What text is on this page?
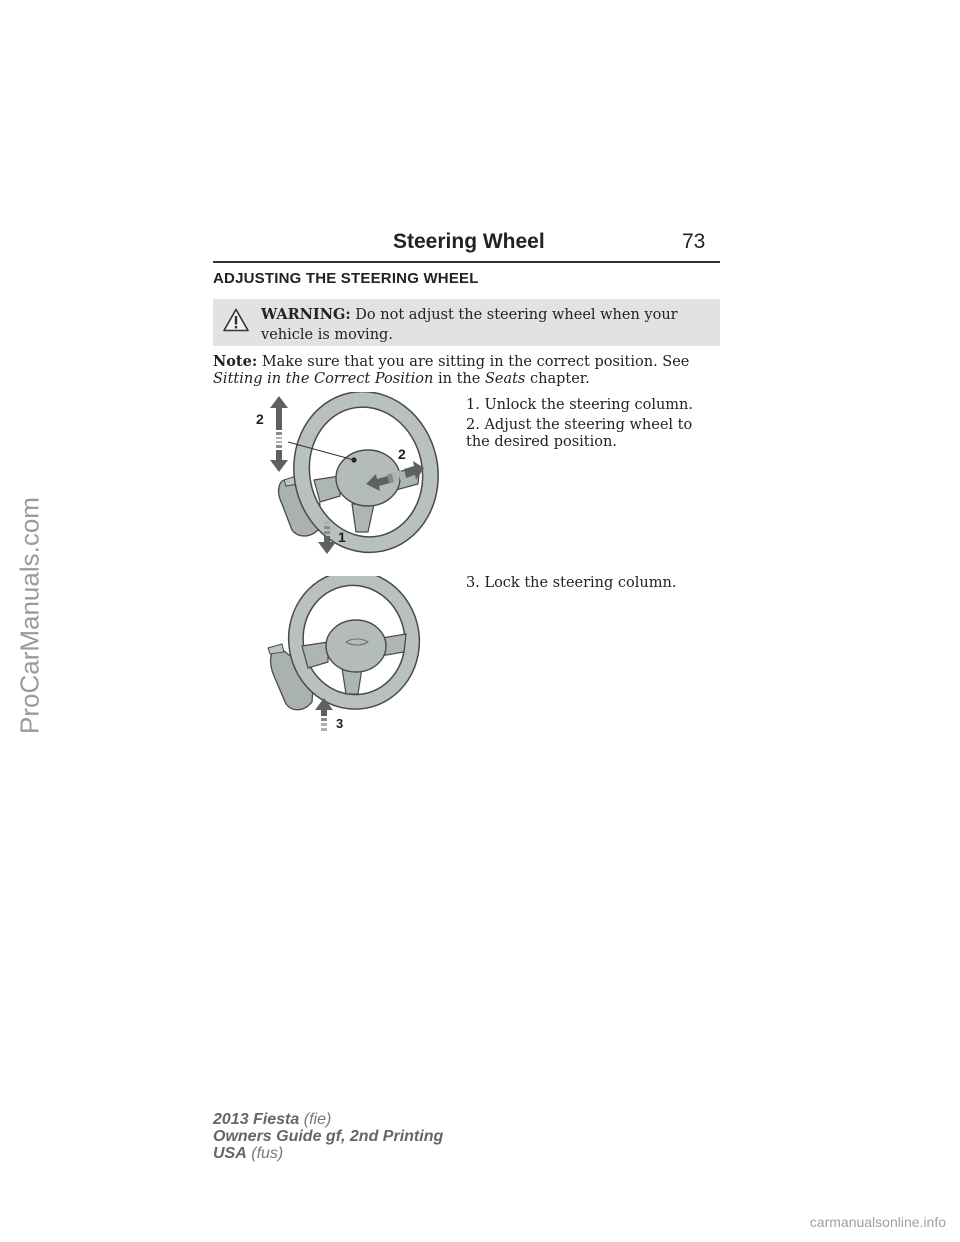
ProCarManuals.com
carmanualsonline.info
Steering Wheel	73
ADJUSTING THE STEERING WHEEL
WARNING: Do not adjust the steering wheel when your vehicle is moving.
Note: Make sure that you are sitting in the correct position. See Sitting in the Correct Position in the Seats chapter.
1. Unlock the steering column.
2. Adjust the steering wheel to the desired position.
3. Lock the steering column.
2
2
1
3
2013 Fiesta (fie)
Owners Guide gf, 2nd Printing
USA (fus)
